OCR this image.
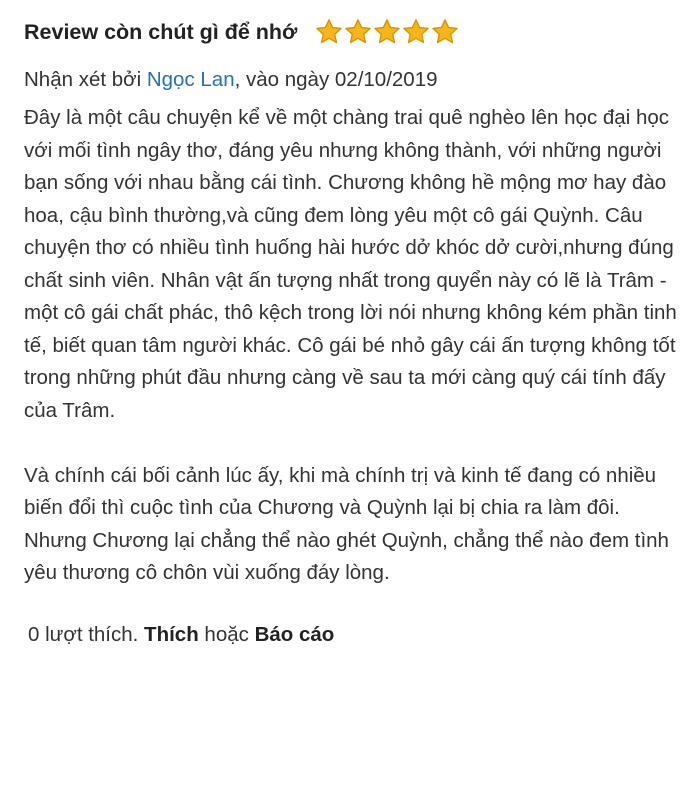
Review còn chút gì để nhớ
Nhận xét bởi Ngọc Lan, vào ngày 02/10/2019

Đây là một câu chuyện kể về một chàng trai quê nghèo lên học đại học với mối tình ngây thơ, đáng yêu nhưng không thành, với những người bạn sống với nhau bằng cái tình. Chương không hề mộng mơ hay đào hoa, cậu bình thường,và cũng đem lòng yêu một cô gái Quỳnh. Câu chuyện thơ có nhiều tình huống hài hước dở khóc dở cười,nhưng đúng chất sinh viên. Nhân vật ấn tượng nhất trong quyển này có lẽ là Trâm - một cô gái chất phác, thô kệch trong lời nói nhưng không kém phần tinh tế, biết quan tâm người khác. Cô gái bé nhỏ gây cái ấn tượng không tốt trong những phút đầu nhưng càng về sau ta mới càng quý cái tính đấy của Trâm.

Và chính cái bối cảnh lúc ấy, khi mà chính trị và kinh tế đang có nhiều biến đổi thì cuộc tình của Chương và Quỳnh lại bị chia ra làm đôi. Nhưng Chương lại chẳng thể nào ghét Quỳnh, chẳng thể nào đem tình yêu thương cô chôn vùi xuống đáy lòng.

0 lượt thích. Thích hoặc Báo cáo
